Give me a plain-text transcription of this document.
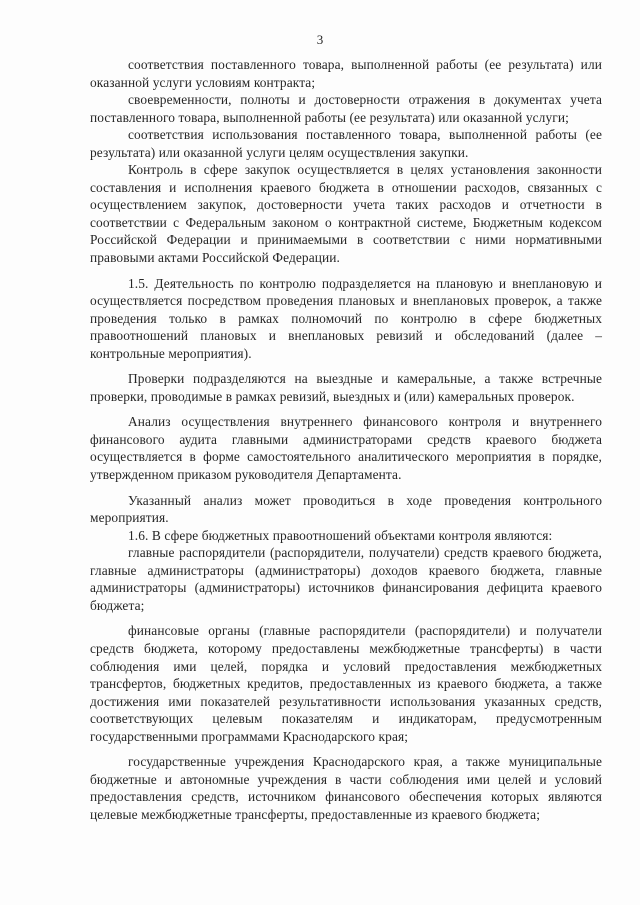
3

соответствия поставленного товара, выполненной работы (ее результата) или оказанной услуги условиям контракта;

своевременности, полноты и достоверности отражения в документах учета поставленного товара, выполненной работы (ее результата) или оказанной услуги;

соответствия использования поставленного товара, выполненной работы (ее результата) или оказанной услуги целям осуществления закупки.

Контроль в сфере закупок осуществляется в целях установления законности составления и исполнения краевого бюджета в отношении расходов, связанных с осуществлением закупок, достоверности учета таких расходов и отчетности в соответствии с Федеральным законом о контрактной системе, Бюджетным кодексом Российской Федерации и принимаемыми в соответствии с ними нормативными правовыми актами Российской Федерации.

1.5. Деятельность по контролю подразделяется на плановую и внеплановую и осуществляется посредством проведения плановых и внеплановых проверок, а также проведения только в рамках полномочий по контролю в сфере бюджетных правоотношений плановых и внеплановых ревизий и обследований (далее – контрольные мероприятия).

Проверки подразделяются на выездные и камеральные, а также встречные проверки, проводимые в рамках ревизий, выездных и (или) камеральных проверок.

Анализ осуществления внутреннего финансового контроля и внутреннего финансового аудита главными администраторами средств краевого бюджета осуществляется в форме самостоятельного аналитического мероприятия в порядке, утвержденном приказом руководителя Департамента.

Указанный анализ может проводиться в ходе проведения контрольного мероприятия.

1.6. В сфере бюджетных правоотношений объектами контроля являются:

главные распорядители (распорядители, получатели) средств краевого бюджета, главные администраторы (администраторы) доходов краевого бюджета, главные администраторы (администраторы) источников финансирования дефицита краевого бюджета;

финансовые органы (главные распорядители (распорядители) и получатели средств бюджета, которому предоставлены межбюджетные трансферты) в части соблюдения ими целей, порядка и условий предоставления межбюджетных трансфертов, бюджетных кредитов, предоставленных из краевого бюджета, а также достижения ими показателей результативности использования указанных средств, соответствующих целевым показателям и индикаторам, предусмотренным государственными программами Краснодарского края;

государственные учреждения Краснодарского края, а также муниципальные бюджетные и автономные учреждения в части соблюдения ими целей и условий предоставления средств, источником финансового обеспечения которых являются целевые межбюджетные трансферты, предоставленные из краевого бюджета;
